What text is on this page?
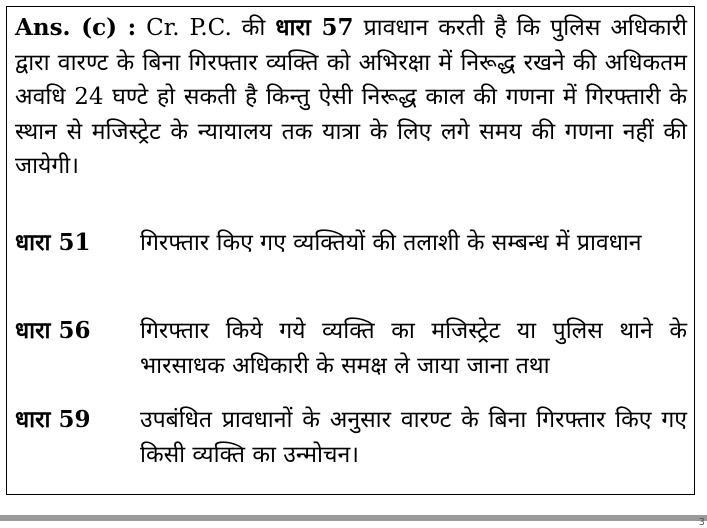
Ans. (c) : Cr. P.C. की धारा 57 प्रावधान करती है कि पुलिस अधिकारी द्वारा वारण्ट के बिना गिरफ्तार व्यक्ति को अभिरक्षा में निरूद्ध रखने की अधिकतम अवधि 24 घण्टे हो सकती है किन्तु ऐसी निरूद्ध काल की गणना में गिरफ्तारी के स्थान से मजिस्ट्रेट के न्यायालय तक यात्रा के लिए लगे समय की गणना नहीं की जायेगी।
धारा 51	गिरफ्तार किए गए व्यक्तियों की तलाशी के सम्बन्ध में प्रावधान
धारा 56	गिरफ्तार किये गये व्यक्ति का मजिस्ट्रेट या पुलिस थाने के भारसाधक अधिकारी के समक्ष ले जाया जाना तथा
धारा 59	उपबंधित प्रावधानों के अनुसार वारण्ट के बिना गिरफ्तार किए गए किसी व्यक्ति का उन्मोचन।
3
